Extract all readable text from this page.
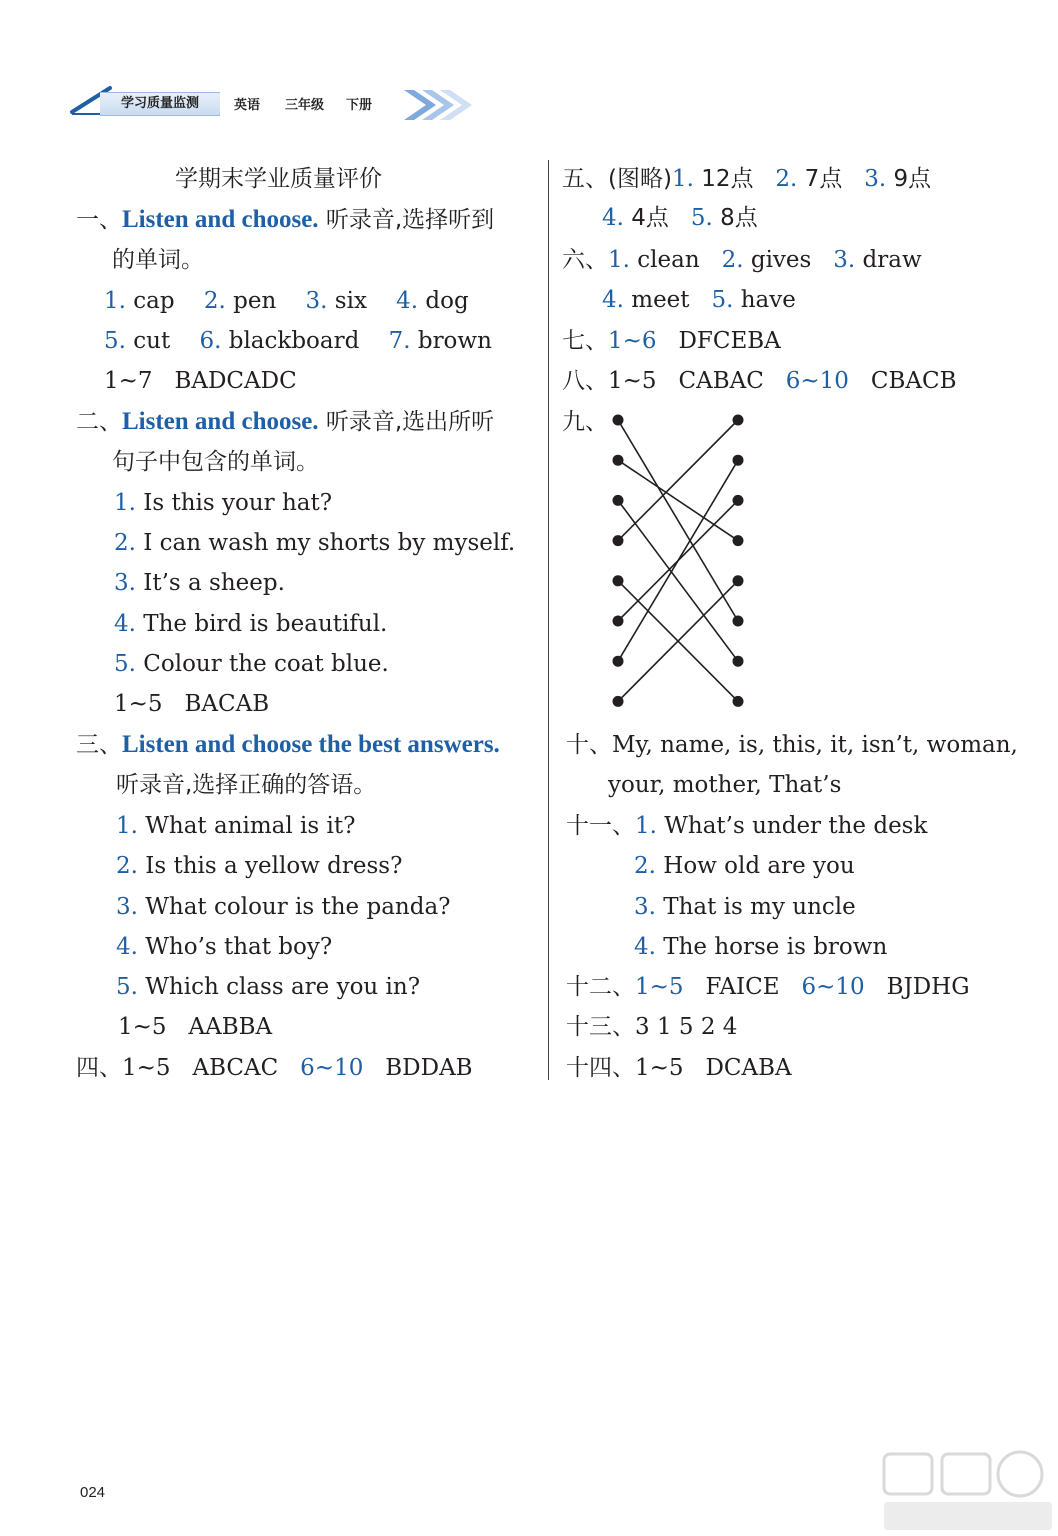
学习质量监测	英语 三年级 下册
学期末学业质量评价
一、Listen and choose. 听录音,选择听到
的单词。
1. cap 2. pen 3. six 4. dog
5. cut 6. blackboard 7. brown
1~7 BADCADC
二、Listen and choose. 听录音,选出所听
句子中包含的单词。
1. Is this your hat?
2. I can wash my shorts by myself.
3. It’s a sheep.
4. The bird is beautiful.
5. Colour the coat blue.
1~5 BACAB
三、Listen and choose the best answers.
听录音,选择正确的答语。
1. What animal is it?
2. Is this a yellow dress?
3. What colour is the panda?
4. Who’s that boy?
5. Which class are you in?
1~5 AABBA
四、1~5 ABCAC 6~10 BDDAB
五、(图略)1. 12点 2. 7点 3. 9点
4. 4点 5. 8点
六、1. clean 2. gives 3. draw
4. meet 5. have
七、1~6 DFCEBA
八、1~5 CABAC 6~10 CBACB
九、
十、My, name, is, this, it, isn’t, woman,
your, mother, That’s
十一、1. What’s under the desk
2. How old are you
3. That is my uncle
4. The horse is brown
十二、1~5 FAICE 6~10 BJDHG
十三、3 1 5 2 4
十四、1~5 DCABA
024
